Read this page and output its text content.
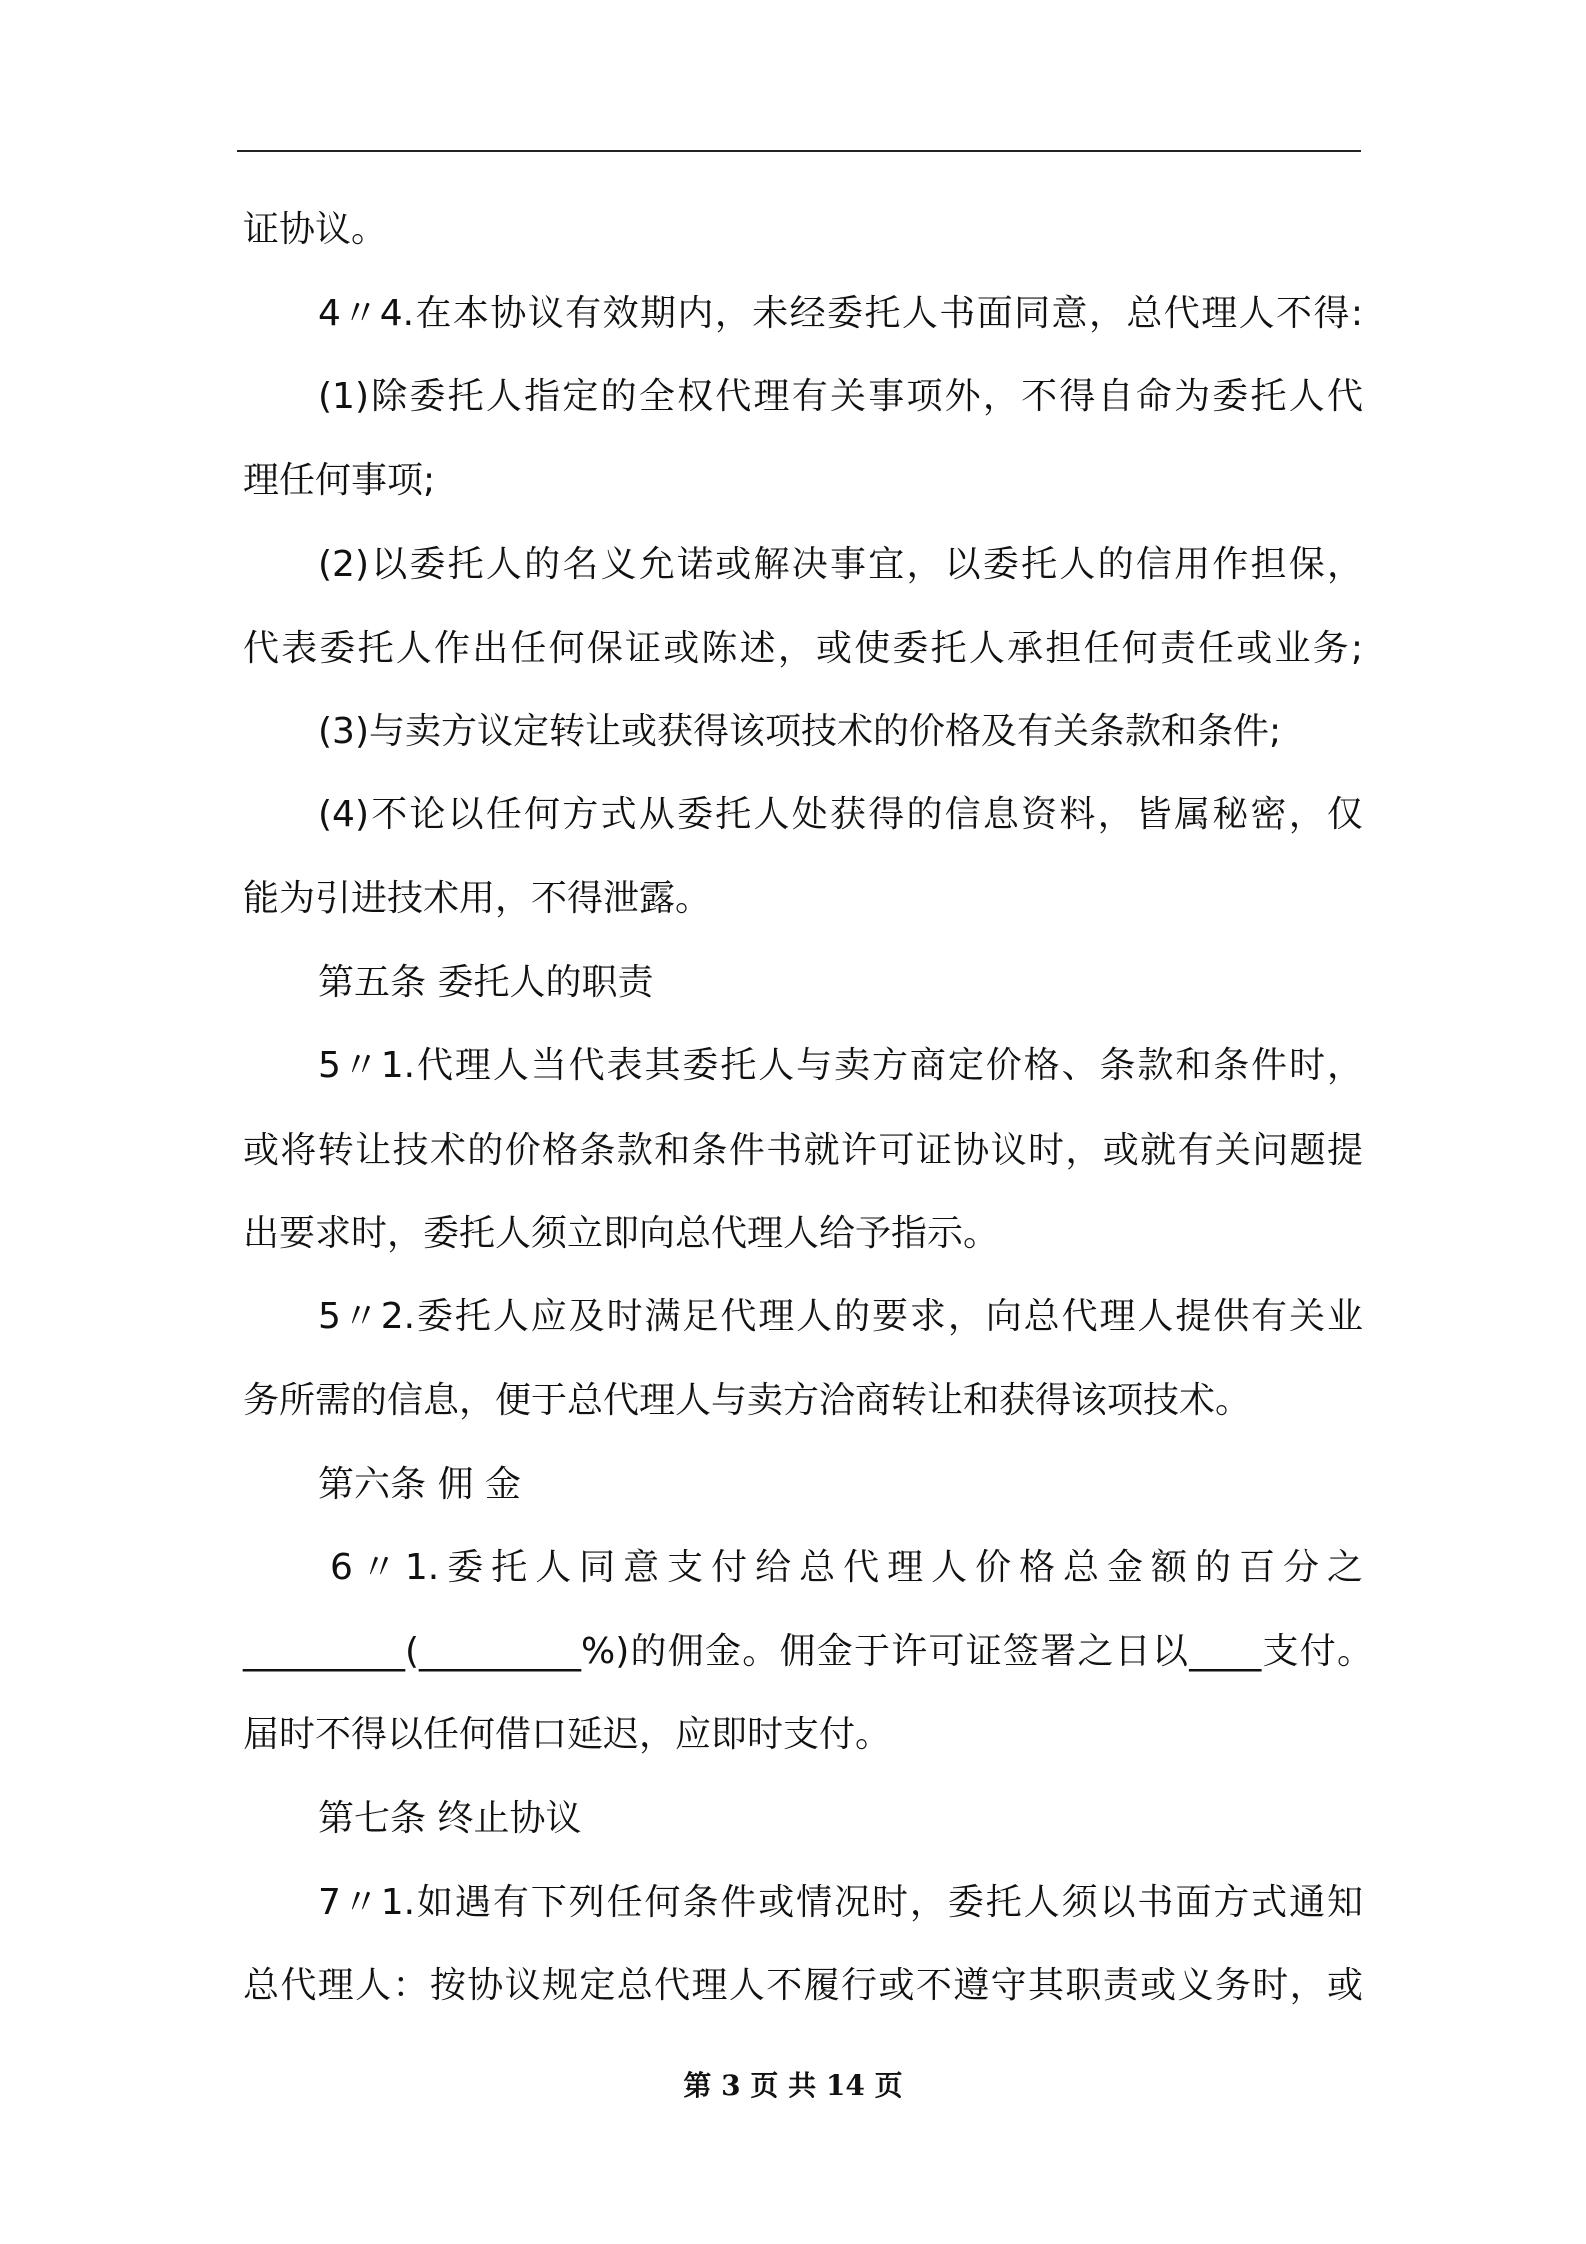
证协议。
4〃4.在本协议有效期内，未经委托人书面同意，总代理人不得:
(1)除委托人指定的全权代理有关事项外，不得自命为委托人代
理任何事项;
(2)以委托人的名义允诺或解决事宜，以委托人的信用作担保，
代表委托人作出任何保证或陈述，或使委托人承担任何责任或业务;
(3)与卖方议定转让或获得该项技术的价格及有关条款和条件;
(4)不论以任何方式从委托人处获得的信息资料，皆属秘密，仅
能为引进技术用，不得泄露。
第五条 委托人的职责
5〃1.代理人当代表其委托人与卖方商定价格、条款和条件时，
或将转让技术的价格条款和条件书就许可证协议时，或就有关问题提
出要求时，委托人须立即向总代理人给予指示。
5〃2.委托人应及时满足代理人的要求，向总代理人提供有关业
务所需的信息，便于总代理人与卖方洽商转让和获得该项技术。
第六条 佣 金
6〃1.委托人同意支付给总代理人价格总金额的百分之
_________(_________%)的佣金。佣金于许可证签署之日以____支付。
届时不得以任何借口延迟，应即时支付。
第七条 终止协议
7〃1.如遇有下列任何条件或情况时，委托人须以书面方式通知
总代理人：按协议规定总代理人不履行或不遵守其职责或义务时，或
第 3 页 共 14 页
